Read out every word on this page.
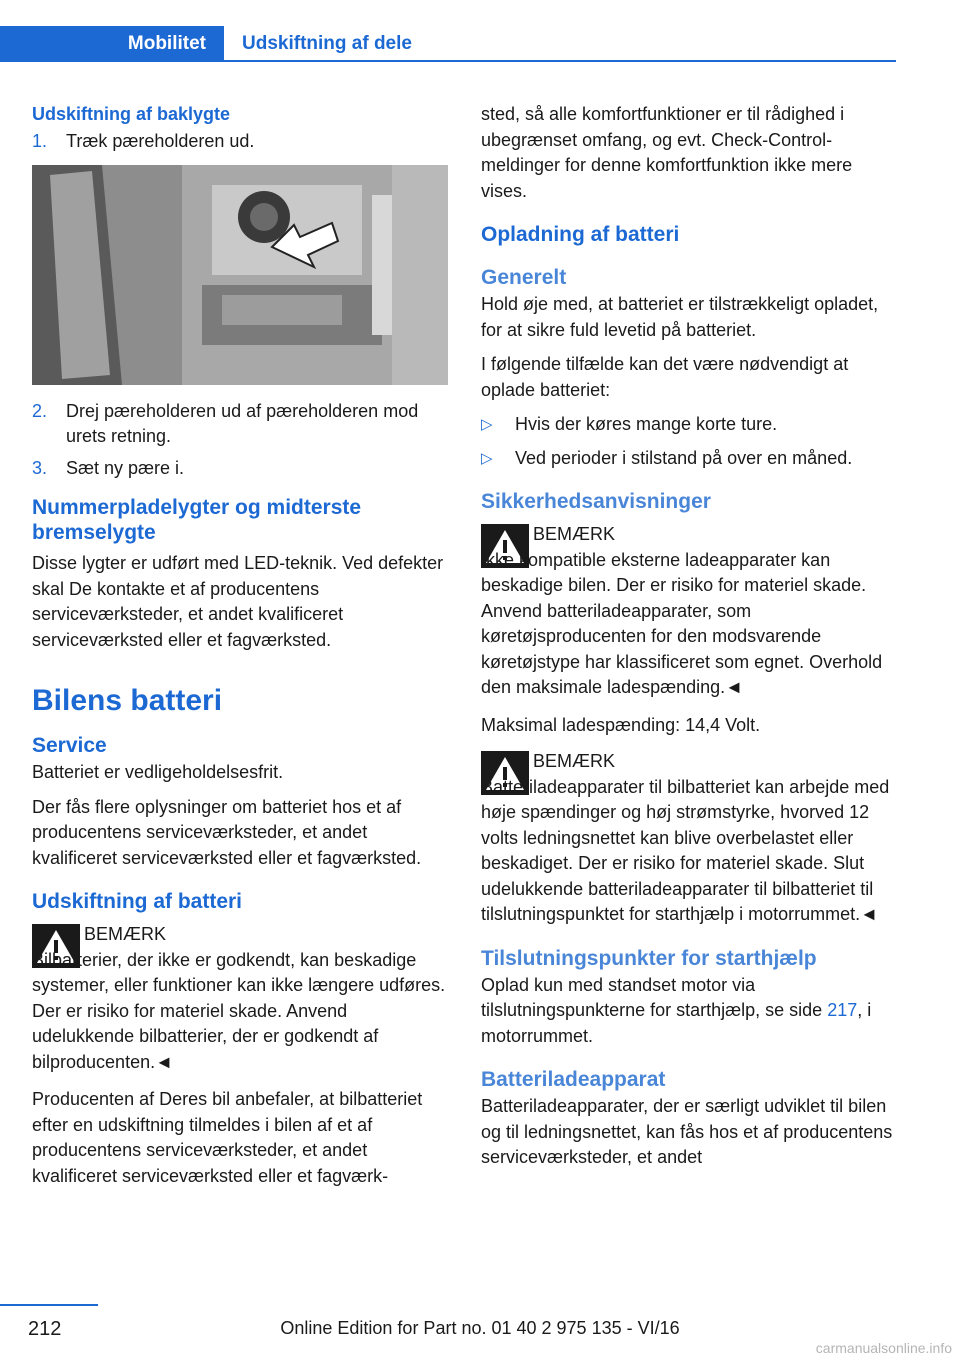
Mobilitet	Udskiftning af dele
Udskiftning af baklygte
1.	Træk pæreholderen ud.
2.	Drej pæreholderen ud af pæreholderen mod urets retning.
3.	Sæt ny pære i.
Nummerpladelygter og midterste bremselygte

Disse lygter er udført med LED-teknik. Ved defekter skal De kontakte et af producentens serviceværksteder, et andet kvalificeret serviceværksted eller et fagværksted.

Bilens batteri
Service

Batteriet er vedligeholdelsesfrit.

Der fås flere oplysninger om batteriet hos et af producentens serviceværksteder, et andet kvalificeret serviceværksted eller et fagværksted.

Udskiftning af batteri
BEMÆRK
Bilbatterier, der ikke er godkendt, kan beskadige systemer, eller funktioner kan ikke længere udføres. Der er risiko for materiel skade. Anvend udelukkende bilbatterier, der er godkendt af bilproducenten.◄

Producenten af Deres bil anbefaler, at bilbatteriet efter en udskiftning tilmeldes i bilen af et af producentens serviceværksteder, et andet kvalificeret serviceværksted eller et fagværk-

sted, så alle komfortfunktioner er til rådighed i ubegrænset omfang, og evt. Check-Control-meldinger for denne komfortfunktion ikke mere vises.

Opladning af batteri
Generelt

Hold øje med, at batteriet er tilstrækkeligt opladet, for at sikre fuld levetid på batteriet.

I følgende tilfælde kan det være nødvendigt at oplade batteriet:

▷	Hvis der køres mange korte ture.
▷	Ved perioder i stilstand på over en måned.
Sikkerhedsanvisninger
BEMÆRK
Ikke kompatible eksterne ladeapparater kan beskadige bilen. Der er risiko for materiel skade. Anvend batteriladeapparater, som køretøjsproducenten for den modsvarende køretøjstype har klassificeret som egnet. Overhold den maksimale ladespænding.◄

Maksimal ladespænding: 14,4 Volt.

BEMÆRK
Batteriladeapparater til bilbatteriet kan arbejde med høje spændinger og høj strømstyrke, hvorved 12 volts ledningsnettet kan blive overbelastet eller beskadiget. Der er risiko for materiel skade. Slut udelukkende batteriladeapparater til bilbatteriet til tilslutningspunktet for starthjælp i motorrummet.◄
Tilslutningspunkter for starthjælp

Oplad kun med standset motor via tilslutningspunkterne for starthjælp, se side 217, i motorrummet.

Batteriladeapparat

Batteriladeapparater, der er særligt udviklet til bilen og til ledningsnettet, kan fås hos et af producentens serviceværksteder, et andet

212	Online Edition for Part no. 01 40 2 975 135 - VI/16
carmanualsonline.info
